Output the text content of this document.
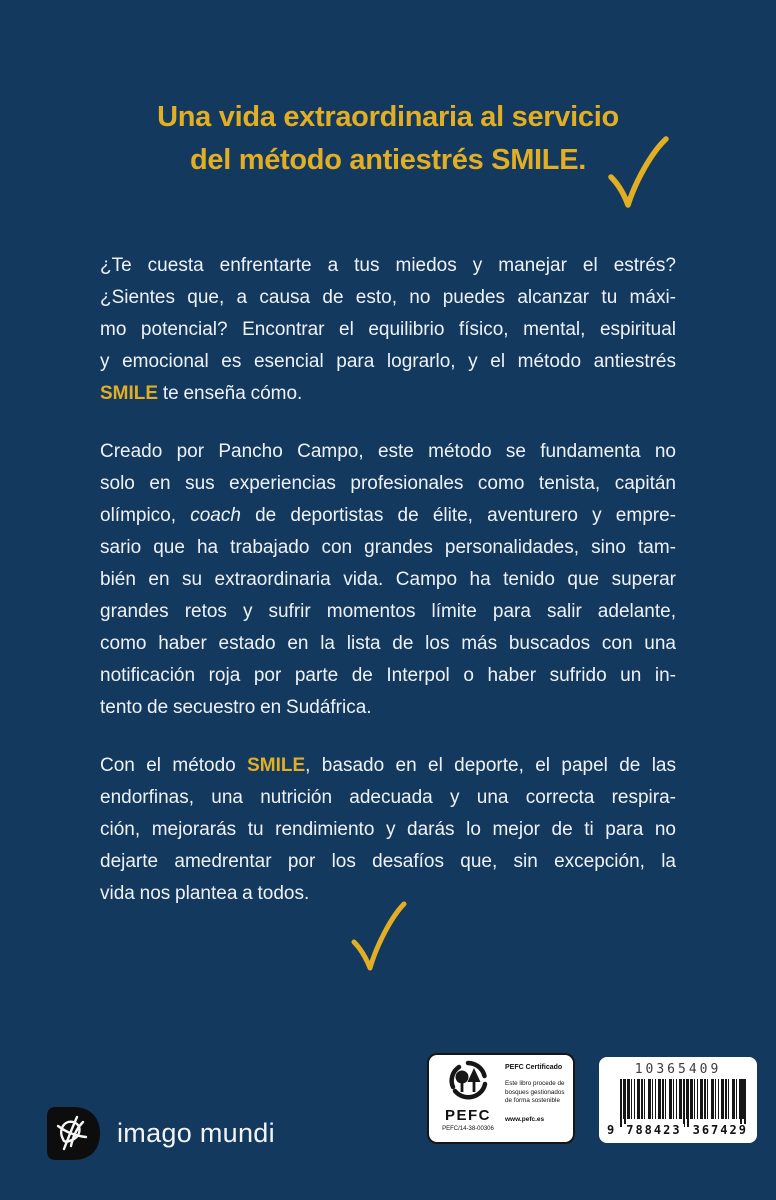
Una vida extraordinaria al servicio
del método antiestrés SMILE.
¿Te cuesta enfrentarte a tus miedos y manejar el estrés?
¿Sientes que, a causa de esto, no puedes alcanzar tu máxi-
mo potencial? Encontrar el equilibrio físico, mental, espiritual
y emocional es esencial para lograrlo, y el método antiestrés
SMILE te enseña cómo.
Creado por Pancho Campo, este método se fundamenta no
solo en sus experiencias profesionales como tenista, capitán
olímpico, coach de deportistas de élite, aventurero y empre-
sario que ha trabajado con grandes personalidades, sino tam-
bién en su extraordinaria vida. Campo ha tenido que superar
grandes retos y sufrir momentos límite para salir adelante,
como haber estado en la lista de los más buscados con una
notificación roja por parte de Interpol o haber sufrido un in-
tento de secuestro en Sudáfrica.
Con el método SMILE, basado en el deporte, el papel de las
endorfinas, una nutrición adecuada y una correcta respira-
ción, mejorarás tu rendimiento y darás lo mejor de ti para no
dejarte amedrentar por los desafíos que, sin excepción, la
vida nos plantea a todos.
PEFC
PEFC/14-38-00306
PEFC Certificado
Este libro procede de
bosques gestionados
de forma sostenible
www.pefc.es
10365409
9 788423 367429
imago mundi
